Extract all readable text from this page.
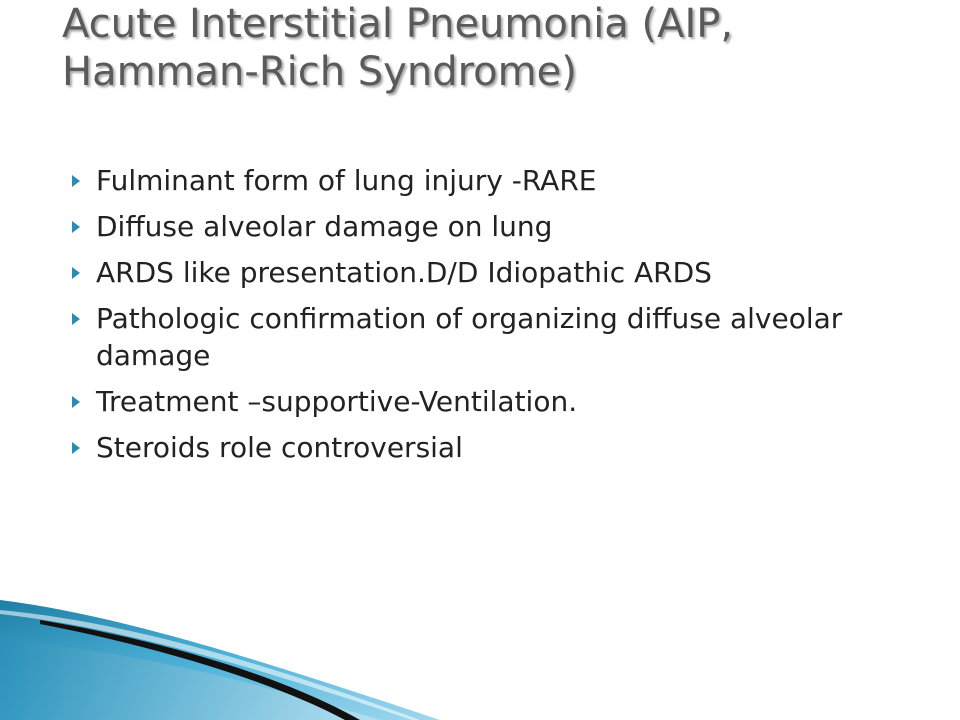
Acute Interstitial Pneumonia (AIP,
Hamman-Rich Syndrome)
Fulminant form of lung injury -RARE
Diffuse alveolar damage on lung
ARDS like presentation.D/D Idiopathic ARDS
Pathologic confirmation of organizing diffuse alveolar damage
Treatment –supportive-Ventilation.
Steroids role controversial
